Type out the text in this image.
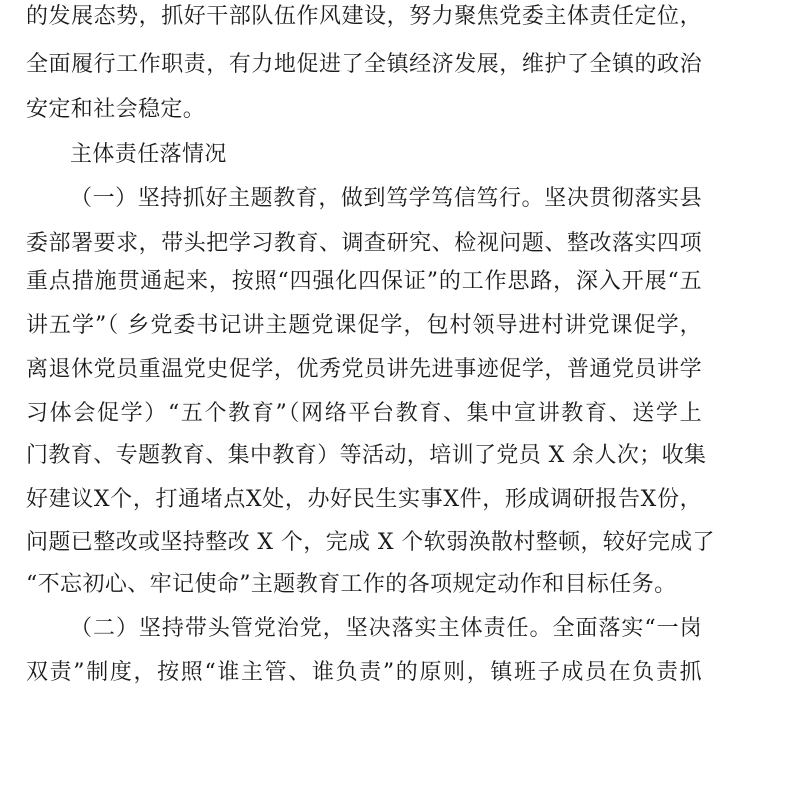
的发展态势，抓好干部队伍作风建设，努力聚焦党委主体责任定位，
全面履行工作职责，有力地促进了全镇经济发展，维护了全镇的政治
安定和社会稳定。
主体责任落情况
（一）坚持抓好主题教育，做到笃学笃信笃行。坚决贯彻落实县
委部署要求，带头把学习教育、调查研究、检视问题、整改落实四项
重点措施贯通起来，按照“四强化四保证”的工作思路，深入开展“五
讲五学”（ 乡党委书记讲主题党课促学，包村领导进村讲党课促学，
离退休党员重温党史促学，优秀党员讲先进事迹促学，普通党员讲学
习体会促学）“五个教育”（网络平台教育、集中宣讲教育、送学上
门教育、专题教育、集中教育）等活动，培训了党员 X 余人次；收集
好建议X个，打通堵点X处，办好民生实事X件，形成调研报告X份，
问题已整改或坚持整改 X 个，完成 X 个软弱涣散村整顿，较好完成了
“不忘初心、牢记使命”主题教育工作的各项规定动作和目标任务。
（二）坚持带头管党治党，坚决落实主体责任。全面落实“一岗
双责”制度，按照“谁主管、谁负责”的原则，镇班子成员在负责抓
